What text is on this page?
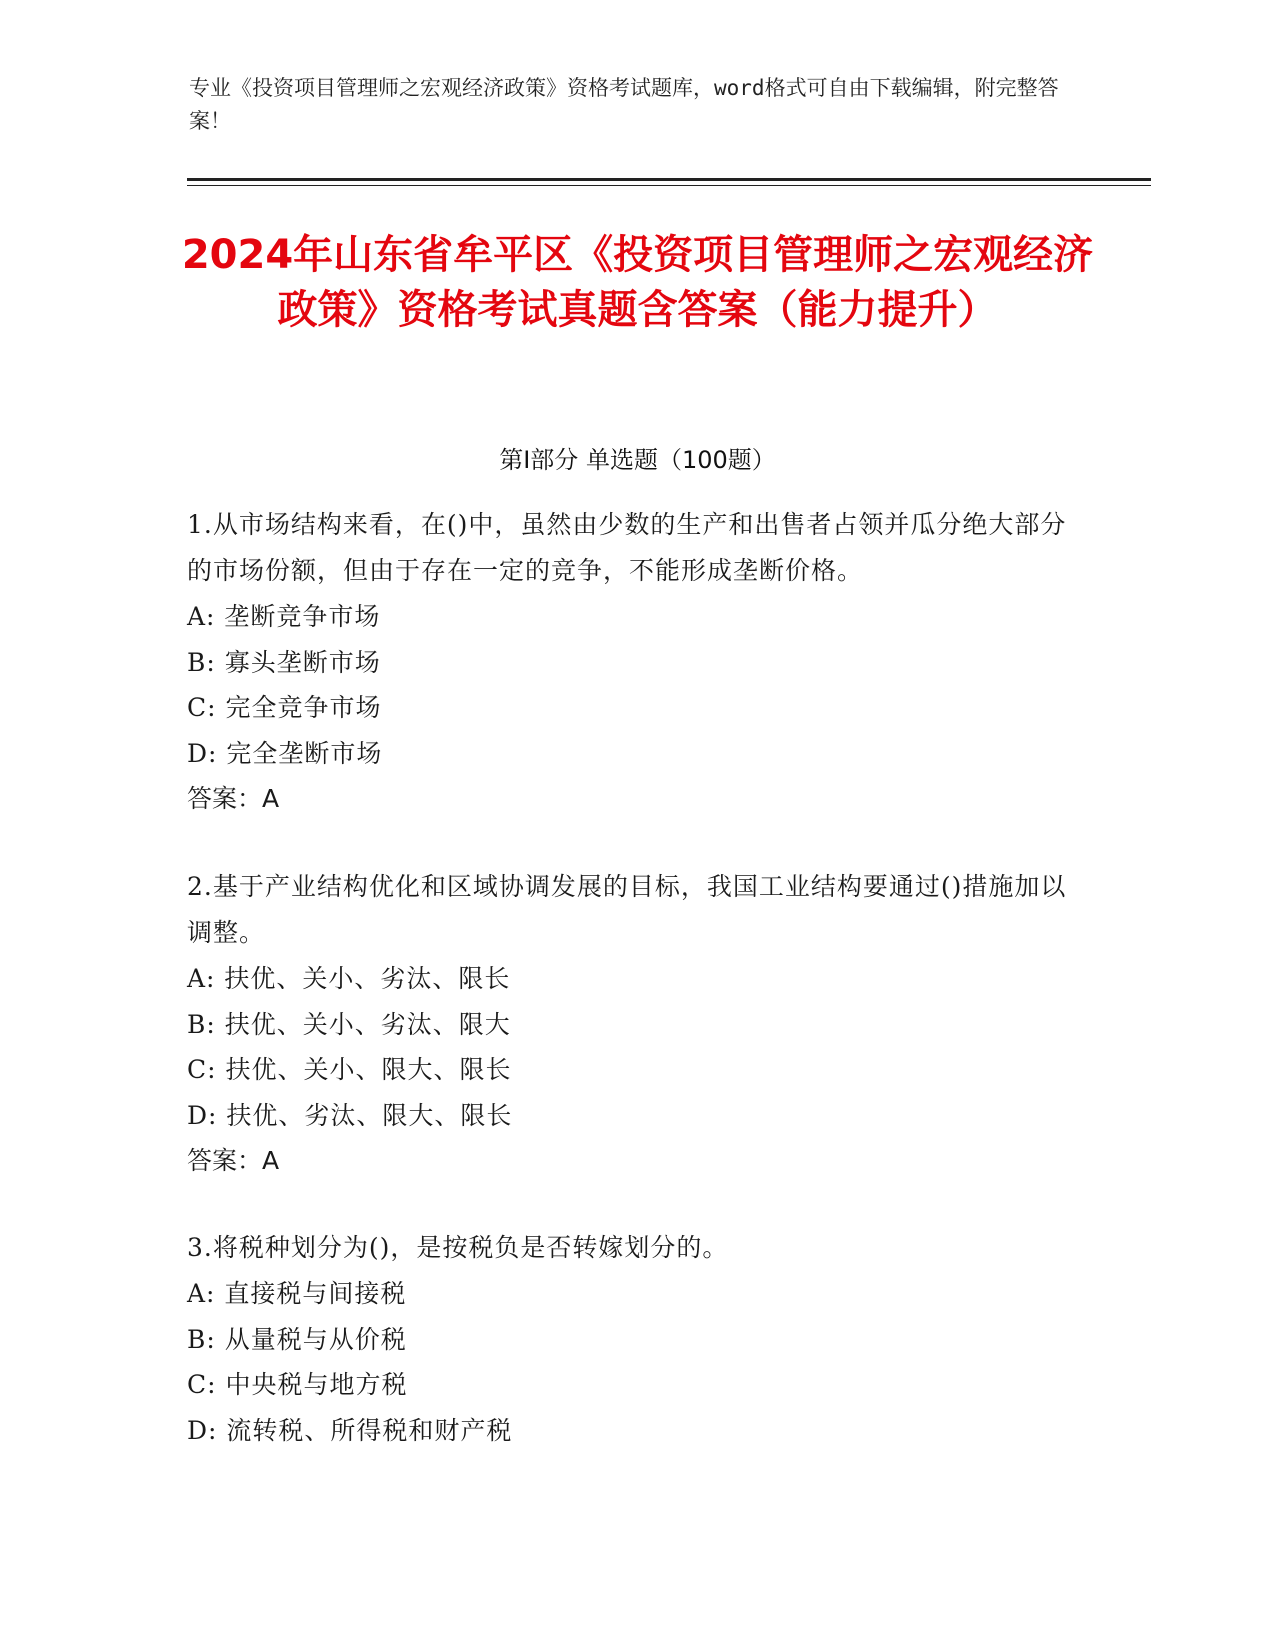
专业《投资项目管理师之宏观经济政策》资格考试题库，word格式可自由下载编辑，附完整答案！
2024年山东省牟平区《投资项目管理师之宏观经济政策》资格考试真题含答案（能力提升）
第I部分 单选题（100题）
1.从市场结构来看，在()中，虽然由少数的生产和出售者占领并瓜分绝大部分的市场份额，但由于存在一定的竞争，不能形成垄断价格。
A: 垄断竞争市场
B: 寡头垄断市场
C: 完全竞争市场
D: 完全垄断市场
答案：A
2.基于产业结构优化和区域协调发展的目标，我国工业结构要通过()措施加以调整。
A: 扶优、关小、劣汰、限长
B: 扶优、关小、劣汰、限大
C: 扶优、关小、限大、限长
D: 扶优、劣汰、限大、限长
答案：A
3.将税种划分为()，是按税负是否转嫁划分的。
A: 直接税与间接税
B: 从量税与从价税
C: 中央税与地方税
D: 流转税、所得税和财产税
